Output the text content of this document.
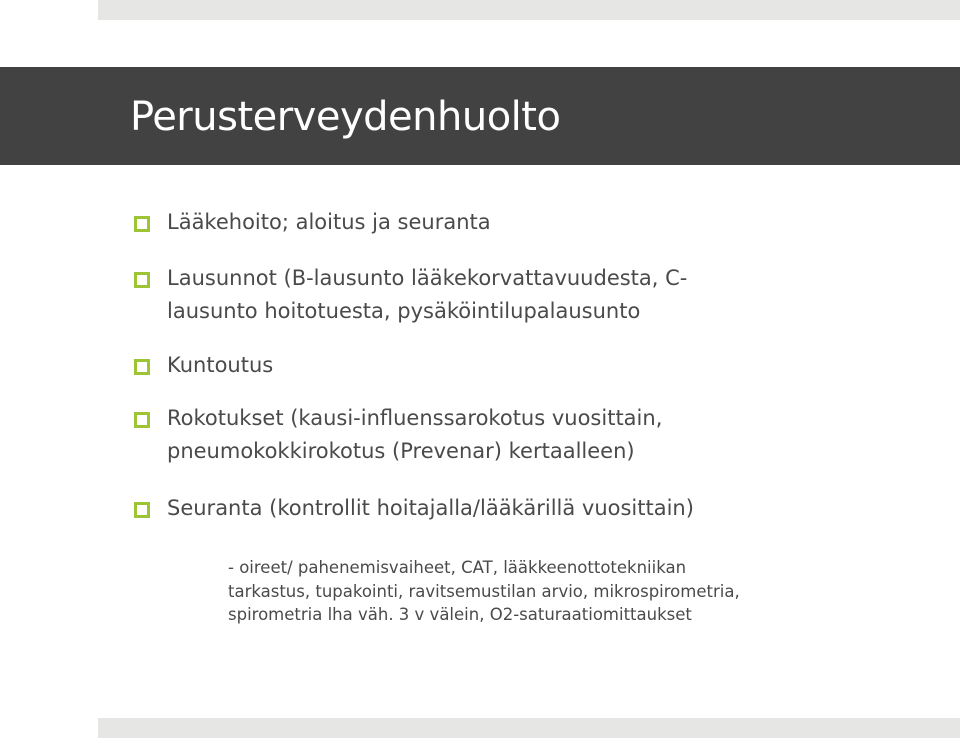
Perusterveydenhuolto
Lääkehoito; aloitus ja seuranta
Lausunnot (B-lausunto lääkekorvattavuudesta, C-
lausunto hoitotuesta, pysäköintilupalausunto
Kuntoutus
Rokotukset (kausi-influenssarokotus vuosittain,
pneumokokkirokotus (Prevenar) kertaalleen)
Seuranta (kontrollit hoitajalla/lääkärillä vuosittain)
- oireet/ pahenemisvaiheet, CAT, lääkkeenottotekniikan
tarkastus, tupakointi, ravitsemustilan arvio, mikrospirometria,
spirometria lha väh. 3 v välein, O2-saturaatiomittaukset
